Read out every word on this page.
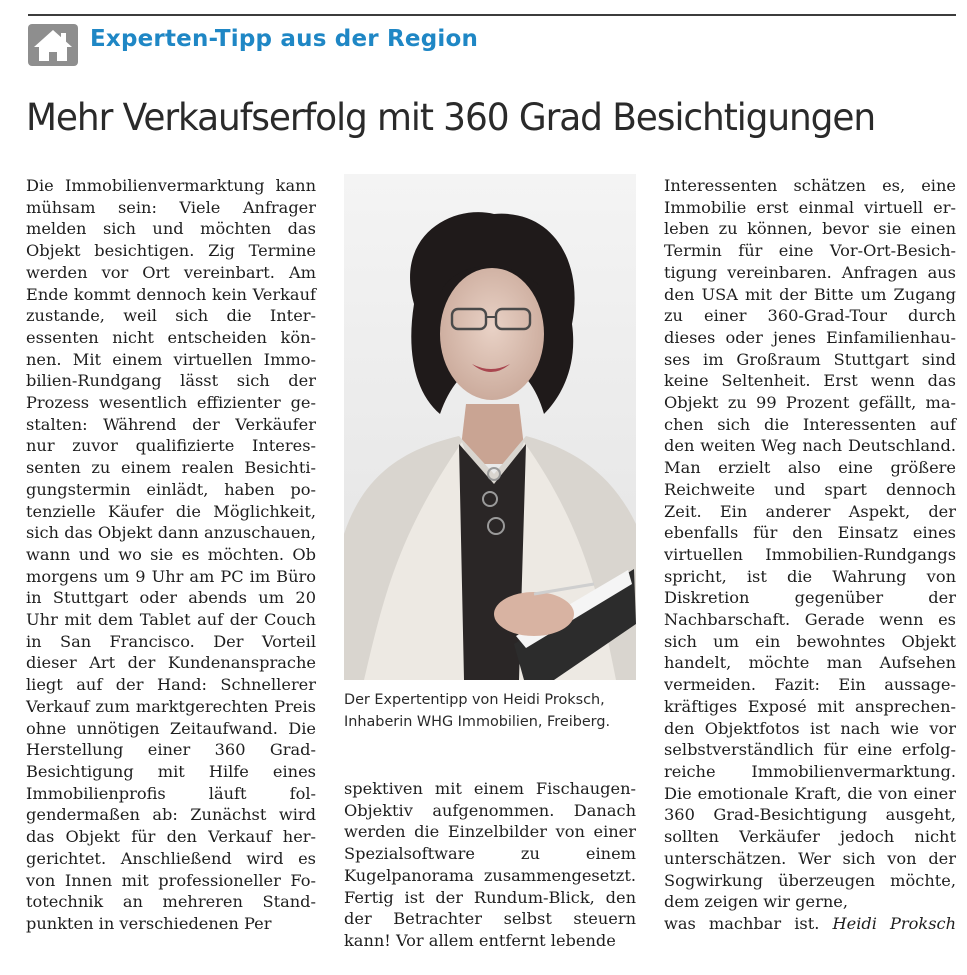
Experten-Tipp aus der Region
Mehr Verkaufserfolg mit 360 Grad Besichtigungen

Die Immobilienvermarktung kann mühsam sein: Viele Anfrager melden sich und möchten das Objekt besichtigen. Zig Termine werden vor Ort vereinbart. Am Ende kommt dennoch kein Verkauf zustande, weil sich die Interessenten nicht entscheiden können. Mit einem virtuellen Immobilien-Rundgang lässt sich der Prozess wesentlich effizienter gestalten: Während der Verkäufer nur zuvor qualifizierte Interessenten zu einem realen Besichtigungstermin einlädt, haben potenzielle Käufer die Möglichkeit, sich das Objekt dann anzuschauen, wann und wo sie es möchten. Ob morgens um 9 Uhr am PC im Büro in Stuttgart oder abends um 20 Uhr mit dem Tablet auf der Couch in San Francisco. Der Vorteil dieser Art der Kundenansprache liegt auf der Hand: Schnellerer Verkauf zum marktgerechten Preis ohne unnötigen Zeitaufwand. Die Herstellung einer 360 Grad-Besichtigung mit Hilfe eines Immobilienprofis läuft folgendermaßen ab: Zunächst wird das Objekt für den Verkauf hergerichtet. Anschließend wird es von Innen mit professioneller Fototechnik an mehreren Standpunkten in verschiedenen Per

Der Expertentipp von Heidi Proksch, Inhaberin WHG Immobilien, Freiberg.

spektiven mit einem Fischaugen-Objektiv aufgenommen. Danach werden die Einzelbilder von einer Spezialsoftware zu einem Kugelpanorama zusammengesetzt. Fertig ist der Rundum-Blick, den der Betrachter selbst steuern kann! Vor allem entfernt lebende

Interessenten schätzen es, eine Immobilie erst einmal virtuell erleben zu können, bevor sie einen Termin für eine Vor-Ort-Besichtigung vereinbaren. Anfragen aus den USA mit der Bitte um Zugang zu einer 360-Grad-Tour durch dieses oder jenes Einfamilienhauses im Großraum Stuttgart sind keine Seltenheit. Erst wenn das Objekt zu 99 Prozent gefällt, machen sich die Interessenten auf den weiten Weg nach Deutschland. Man erzielt also eine größere Reichweite und spart dennoch Zeit. Ein anderer Aspekt, der ebenfalls für den Einsatz eines virtuellen Immobilien-Rundgangs spricht, ist die Wahrung von Diskretion gegenüber der Nachbarschaft. Gerade wenn es sich um ein bewohntes Objekt handelt, möchte man Aufsehen vermeiden. Fazit: Ein aussagekräftiges Exposé mit ansprechenden Objektfotos ist nach wie vor selbstverständlich für eine erfolgreiche Immobilienvermarktung. Die emotionale Kraft, die von einer 360 Grad-Besichtigung ausgeht, sollten Verkäufer jedoch nicht unterschätzen. Wer sich von der Sogwirkung überzeugen möchte, dem zeigen wir gerne,

was machbar ist. Heidi Proksch
